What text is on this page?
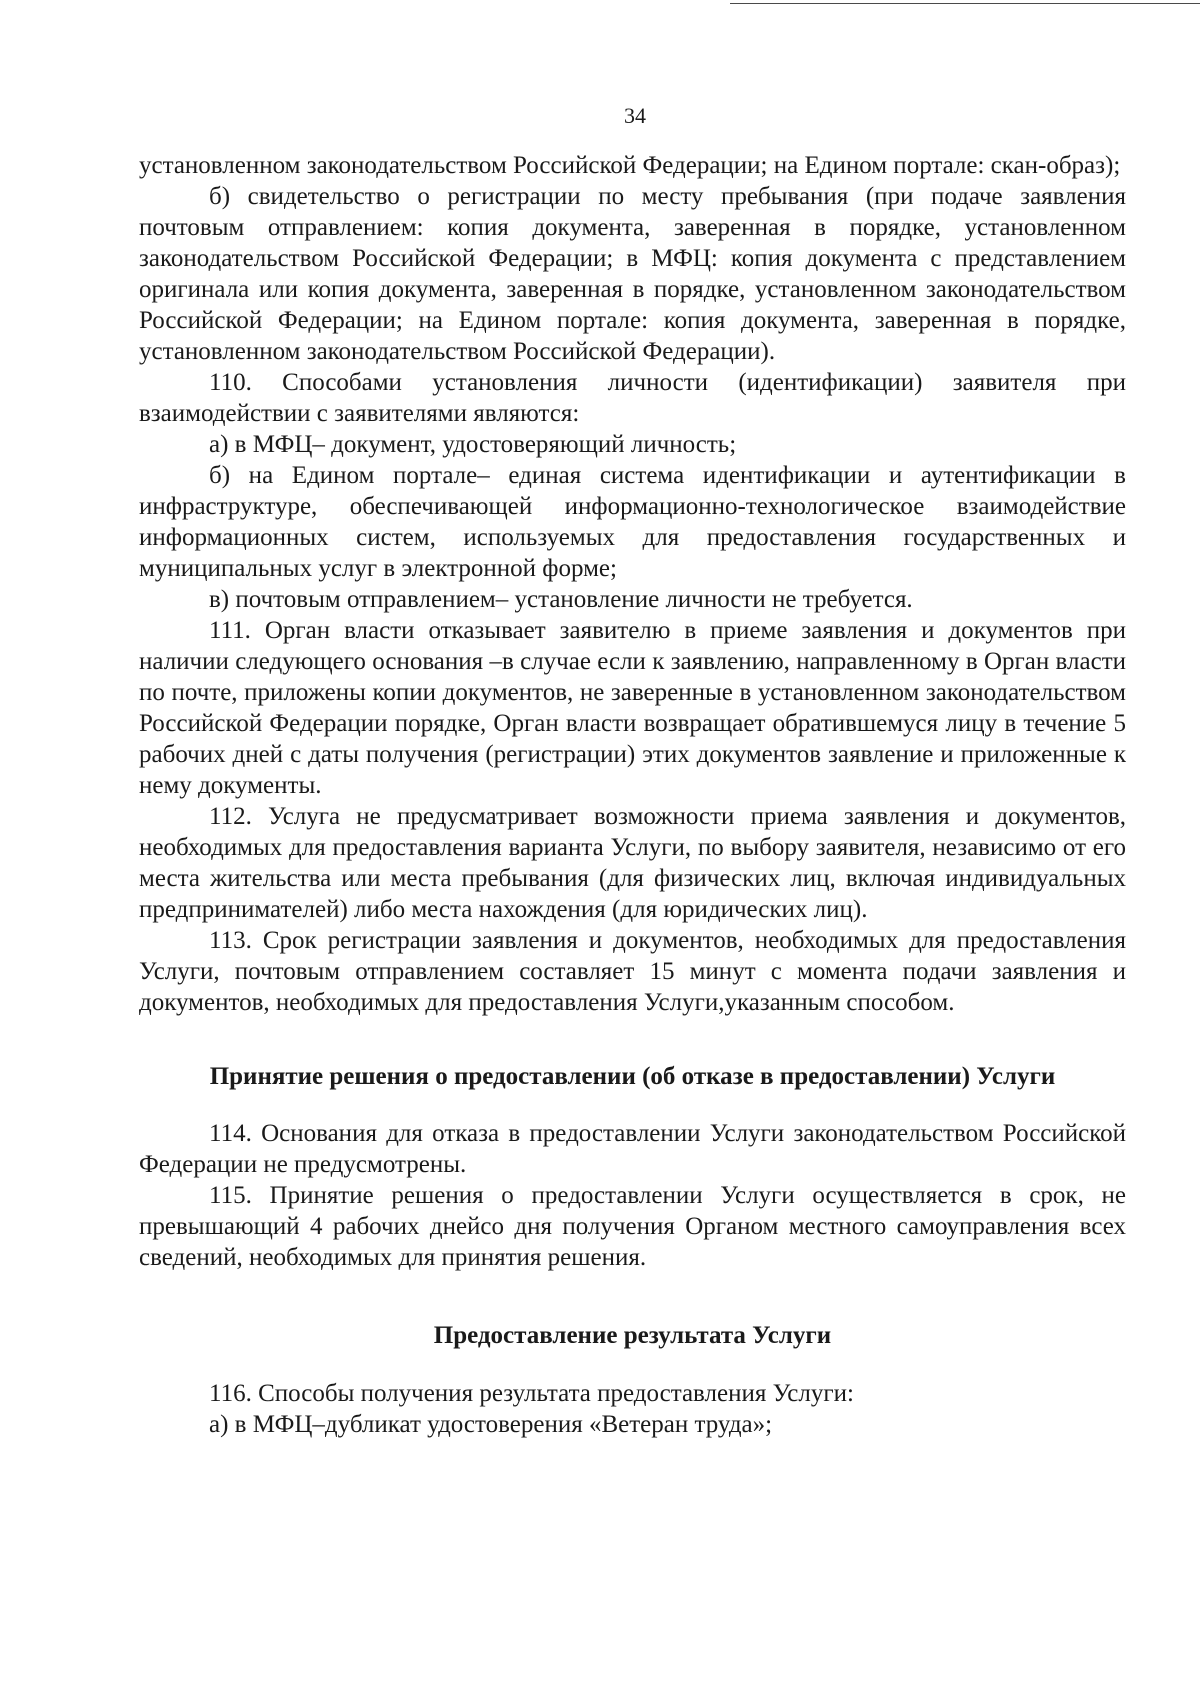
34

установленном законодательством Российской Федерации; на Едином портале: скан-образ);

б) свидетельство о регистрации по месту пребывания (при подаче заявления почтовым отправлением: копия документа, заверенная в порядке, установленном законодательством Российской Федерации; в МФЦ: копия документа с представлением оригинала или копия документа, заверенная в порядке, установленном законодательством Российской Федерации; на Едином портале: копия документа, заверенная в порядке, установленном законодательством Российской Федерации).

110. Способами установления личности (идентификации) заявителя при взаимодействии с заявителями являются:

а) в МФЦ– документ, удостоверяющий личность;

б) на Едином портале– единая система идентификации и аутентификации в инфраструктуре, обеспечивающей информационно-технологическое взаимодействие информационных систем, используемых для предоставления государственных и муниципальных услуг в электронной форме;

в) почтовым отправлением– установление личности не требуется.

111. Орган власти отказывает заявителю в приеме заявления и документов при наличии следующего основания –в случае если к заявлению, направленному в Орган власти по почте, приложены копии документов, не заверенные в установленном законодательством Российской Федерации порядке, Орган власти возвращает обратившемуся лицу в течение 5 рабочих дней с даты получения (регистрации) этих документов заявление и приложенные к нему документы.

112. Услуга не предусматривает возможности приема заявления и документов, необходимых для предоставления варианта Услуги, по выбору заявителя, независимо от его места жительства или места пребывания (для физических лиц, включая индивидуальных предпринимателей) либо места нахождения (для юридических лиц).

113. Срок регистрации заявления и документов, необходимых для предоставления Услуги, почтовым отправлением составляет 15 минут с момента подачи заявления и документов, необходимых для предоставления Услуги,указанным способом.

Принятие решения о предоставлении (об отказе в предоставлении) Услуги

114. Основания для отказа в предоставлении Услуги законодательством Российской Федерации не предусмотрены.

115. Принятие решения о предоставлении Услуги осуществляется в срок, не превышающий 4 рабочих днейсо дня получения Органом местного самоуправления всех сведений, необходимых для принятия решения.

Предоставление результата Услуги

116. Способы получения результата предоставления Услуги:

а) в МФЦ–дубликат удостоверения «Ветеран труда»;
